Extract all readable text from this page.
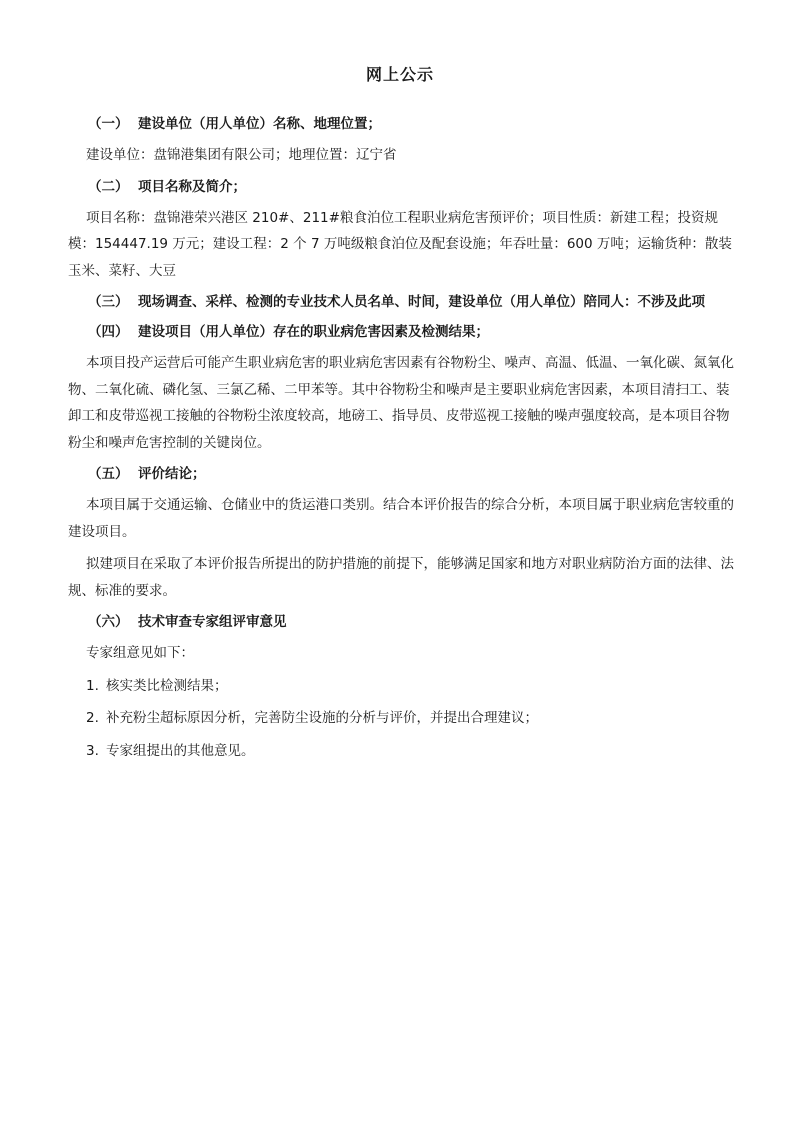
网上公示
（一） 建设单位（用人单位）名称、地理位置；
建设单位：盘锦港集团有限公司；地理位置：辽宁省
（二） 项目名称及简介；
项目名称：盘锦港荣兴港区 210#、211#粮食泊位工程职业病危害预评价；项目性质：新建工程；投资规模：154447.19 万元；建设工程：2 个 7 万吨级粮食泊位及配套设施；年吞吐量：600 万吨；运输货种：散装玉米、菜籽、大豆
（三） 现场调查、采样、检测的专业技术人员名单、时间，建设单位（用人单位）陪同人：不涉及此项
（四） 建设项目（用人单位）存在的职业病危害因素及检测结果；
本项目投产运营后可能产生职业病危害的职业病危害因素有谷物粉尘、噪声、高温、低温、一氧化碳、氮氧化物、二氧化硫、磷化氢、三氯乙稀、二甲苯等。其中谷物粉尘和噪声是主要职业病危害因素，本项目清扫工、装卸工和皮带巡视工接触的谷物粉尘浓度较高，地磅工、指导员、皮带巡视工接触的噪声强度较高，是本项目谷物粉尘和噪声危害控制的关键岗位。
（五） 评价结论；
本项目属于交通运输、仓储业中的货运港口类别。结合本评价报告的综合分析，本项目属于职业病危害较重的建设项目。
拟建项目在采取了本评价报告所提出的防护措施的前提下，能够满足国家和地方对职业病防治方面的法律、法规、标准的要求。
（六） 技术审查专家组评审意见
专家组意见如下：
1. 核实类比检测结果；
2. 补充粉尘超标原因分析，完善防尘设施的分析与评价，并提出合理建议；
3. 专家组提出的其他意见。
